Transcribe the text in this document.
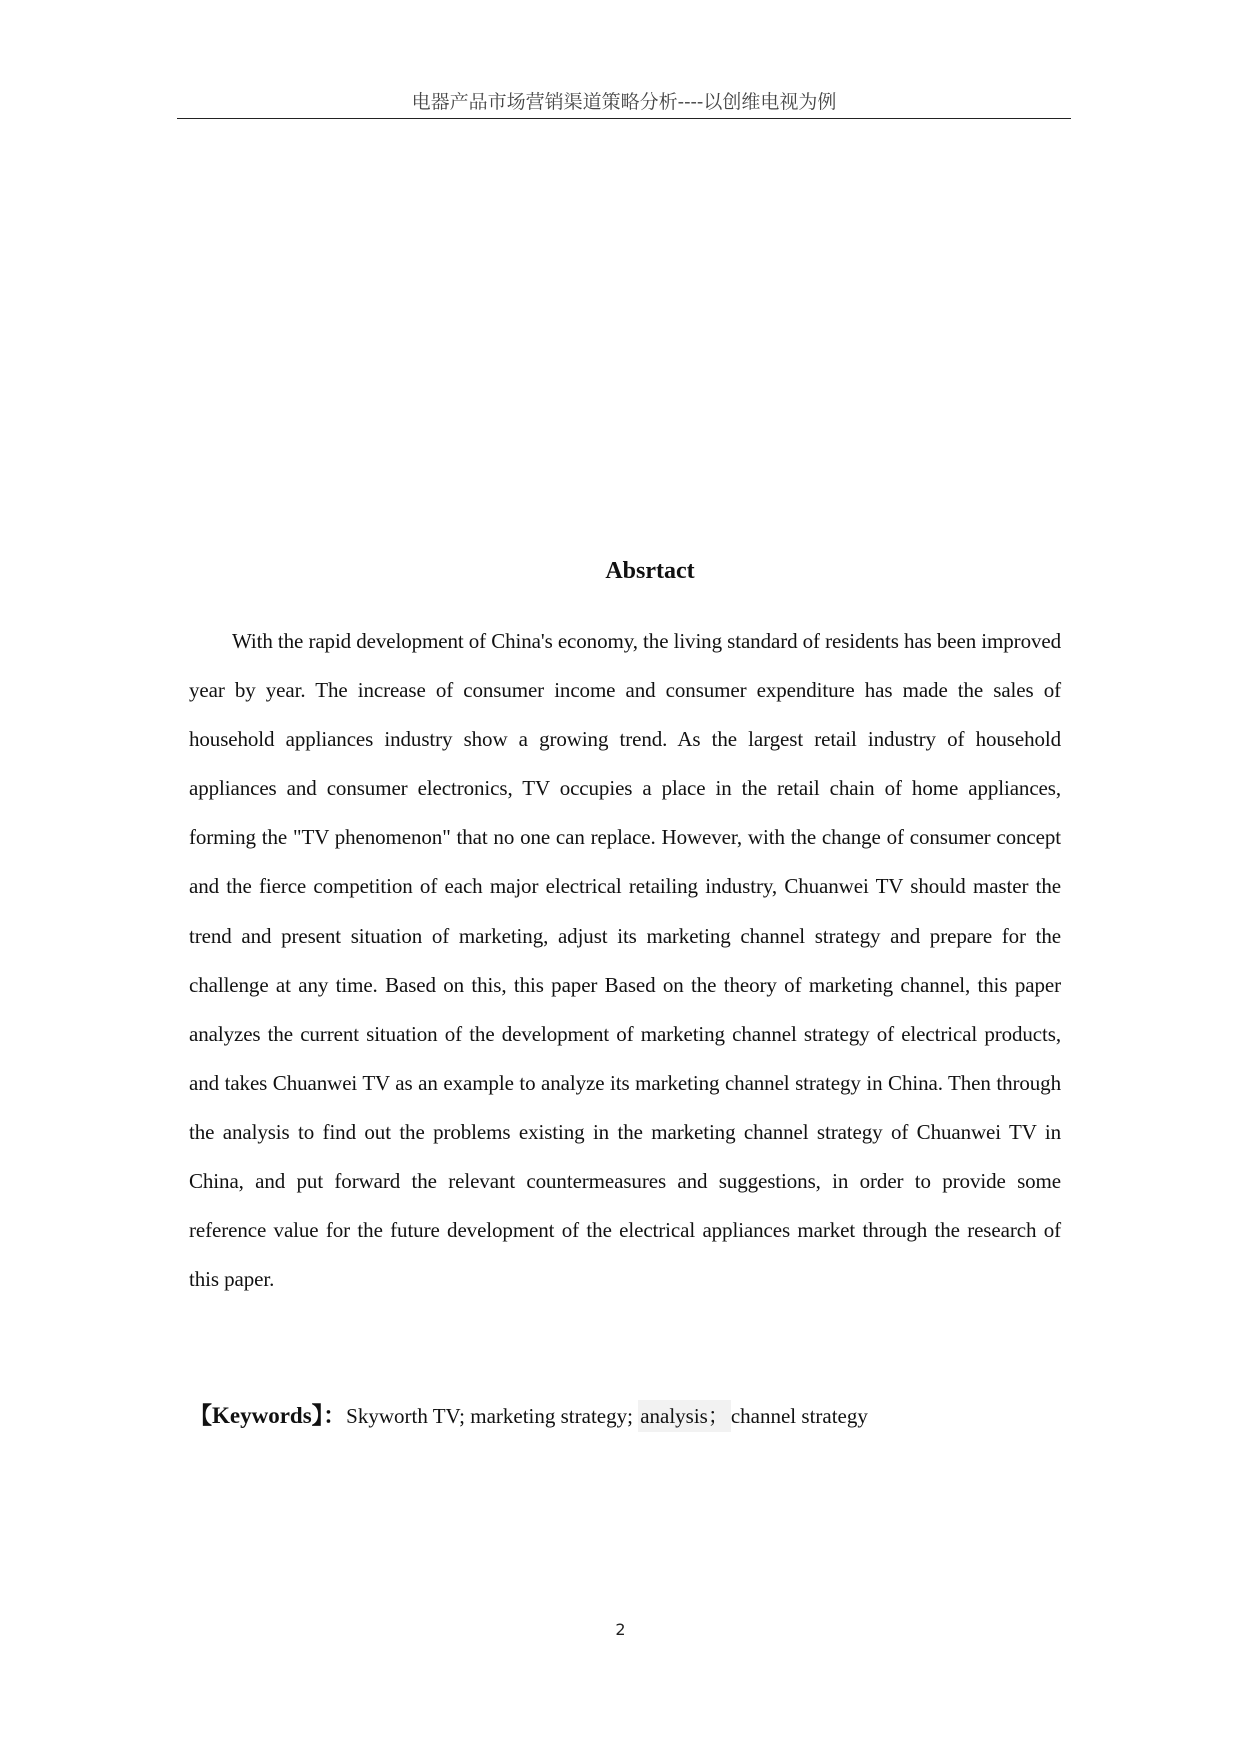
电器产品市场营销渠道策略分析----以创维电视为例
Absrtact

With the rapid development of China's economy, the living standard of residents has been improved year by year. The increase of consumer income and consumer expenditure has made the sales of household appliances industry show a growing trend. As the largest retail industry of household appliances and consumer electronics, TV occupies a place in the retail chain of home appliances, forming the "TV phenomenon" that no one can replace. However, with the change of consumer concept and the fierce competition of each major electrical retailing industry, Chuanwei TV should master the trend and present situation of marketing, adjust its marketing channel strategy and prepare for the challenge at any time. Based on this, this paper Based on the theory of marketing channel, this paper analyzes the current situation of the development of marketing channel strategy of electrical products, and takes Chuanwei TV as an example to analyze its marketing channel strategy in China. Then through the analysis to find out the problems existing in the marketing channel strategy of Chuanwei TV in China, and put forward the relevant countermeasures and suggestions, in order to provide some reference value for the future development of the electrical appliances market through the research of this paper.

【Keywords】：Skyworth TV; marketing strategy; analysis；channel strategy
2
